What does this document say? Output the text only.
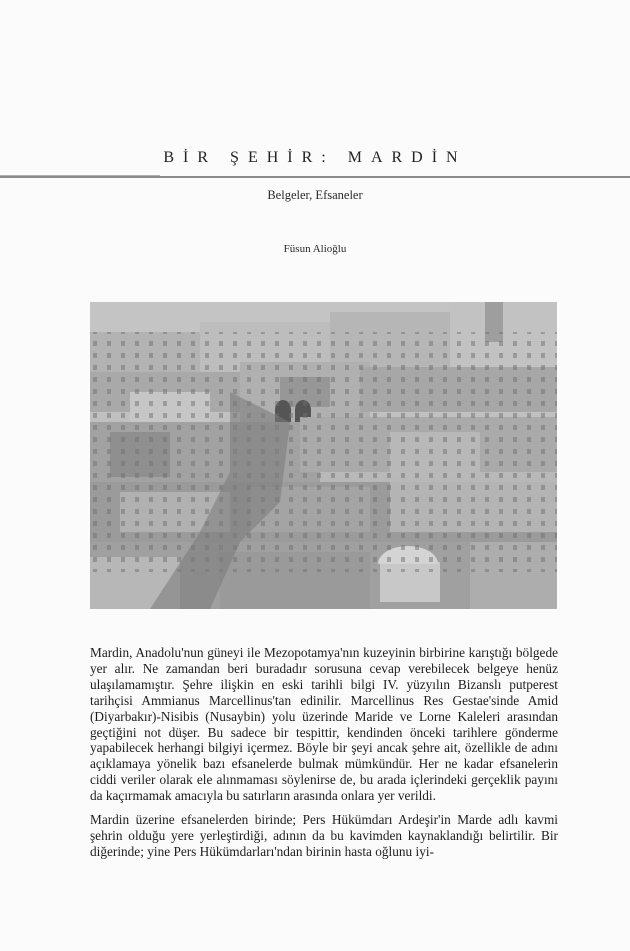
BİR ŞEHİR: MARDİN
Belgeler, Efsaneler
Füsun Alioğlu

Mardin, Anadolu'nun güneyi ile Mezopotamya'nın kuzeyinin birbirine karıştığı bölgede yer alır. Ne zamandan beri buradadır sorusuna cevap verebilecek belgeye henüz ulaşılamamıştır. Şehre ilişkin en eski tarihli bilgi IV. yüzyılın Bizanslı putperest tarihçisi Ammianus Marcellinus'tan edinilir. Marcellinus Res Gestae'sinde Amid (Diyarbakır)-Nisibis (Nusaybin) yolu üzerinde Maride ve Lorne Kaleleri arasından geçtiğini not düşer. Bu sadece bir tespittir, kendinden önceki tarihlere gönderme yapabilecek herhangi bilgiyi içermez. Böyle bir şeyi ancak şehre ait, özellikle de adını açıklamaya yönelik bazı efsanelerde bulmak mümkündür. Her ne kadar efsanelerin ciddi veriler olarak ele alınmaması söylenirse de, bu arada içlerindeki gerçeklik payını da kaçırmamak amacıyla bu satırların arasında onlara yer verildi.

Mardin üzerine efsanelerden birinde; Pers Hükümdarı Ardeşir'in Marde adlı kavmi şehrin olduğu yere yerleştirdiği, adının da bu kavimden kaynaklandığı belirtilir. Bir diğerinde; yine Pers Hükümdarları'ndan birinin hasta oğlunu iyi-
